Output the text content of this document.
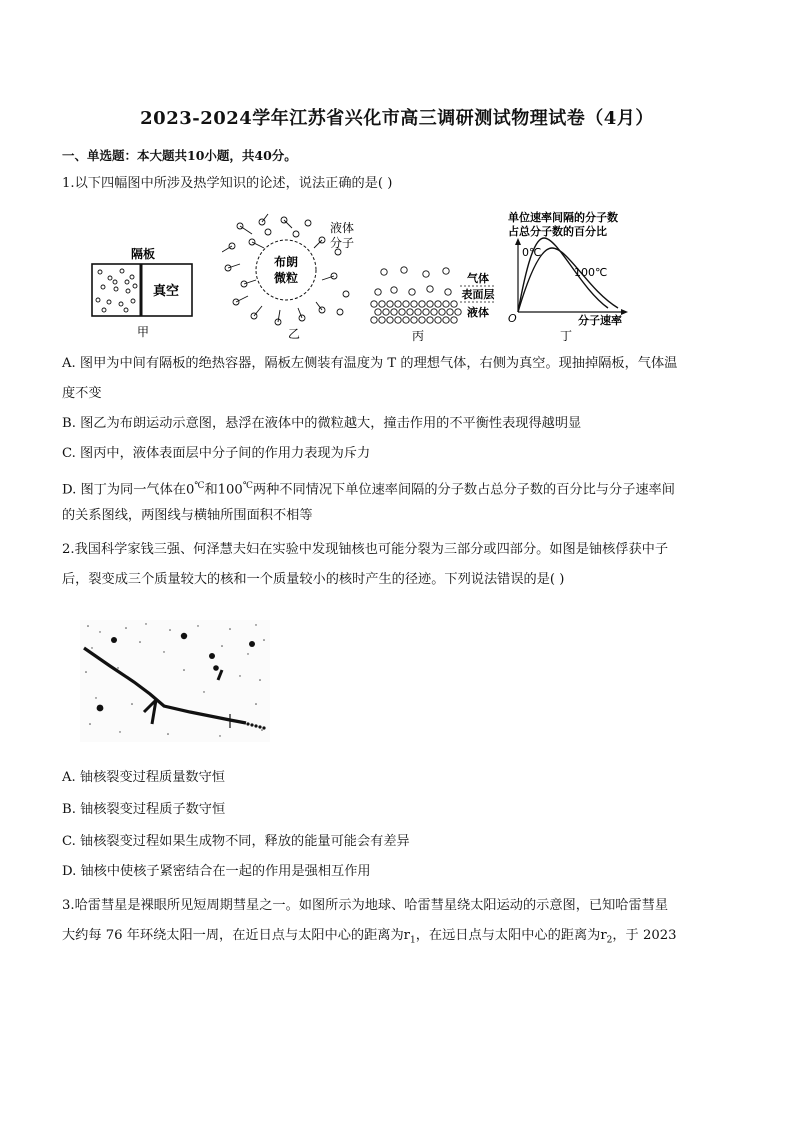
2023-2024学年江苏省兴化市高三调研测试物理试卷（4月）
一、单选题：本大题共10小题，共40分。
1.以下四幅图中所涉及热学知识的论述，说法正确的是( )
隔板
真空
甲
布朗
微粒
液体
分子
乙
气体
表面层
液体
丙
单位速率间隔的分子数
占总分子数的百分比
0℃
100℃
O	分子速率
丁
A. 图甲为中间有隔板的绝热容器，隔板左侧装有温度为 T 的理想气体，右侧为真空。现抽掉隔板，气体温
度不变
B. 图乙为布朗运动示意图，悬浮在液体中的微粒越大，撞击作用的不平衡性表现得越明显
C. 图丙中，液体表面层中分子间的作用力表现为斥力
D. 图丁为同一气体在0℃和100℃两种不同情况下单位速率间隔的分子数占总分子数的百分比与分子速率间
的关系图线，两图线与横轴所围面积不相等
2.我国科学家钱三强、何泽慧夫妇在实验中发现铀核也可能分裂为三部分或四部分。如图是铀核俘获中子
后，裂变成三个质量较大的核和一个质量较小的核时产生的径迹。下列说法错误的是( )
A. 铀核裂变过程质量数守恒
B. 铀核裂变过程质子数守恒
C. 铀核裂变过程如果生成物不同，释放的能量可能会有差异
D. 铀核中使核子紧密结合在一起的作用是强相互作用
3.哈雷彗星是裸眼所见短周期彗星之一。如图所示为地球、哈雷彗星绕太阳运动的示意图，已知哈雷彗星
大约每 76 年环绕太阳一周，在近日点与太阳中心的距离为$r_1$，在远日点与太阳中心的距离为$r_2$，于 2023
